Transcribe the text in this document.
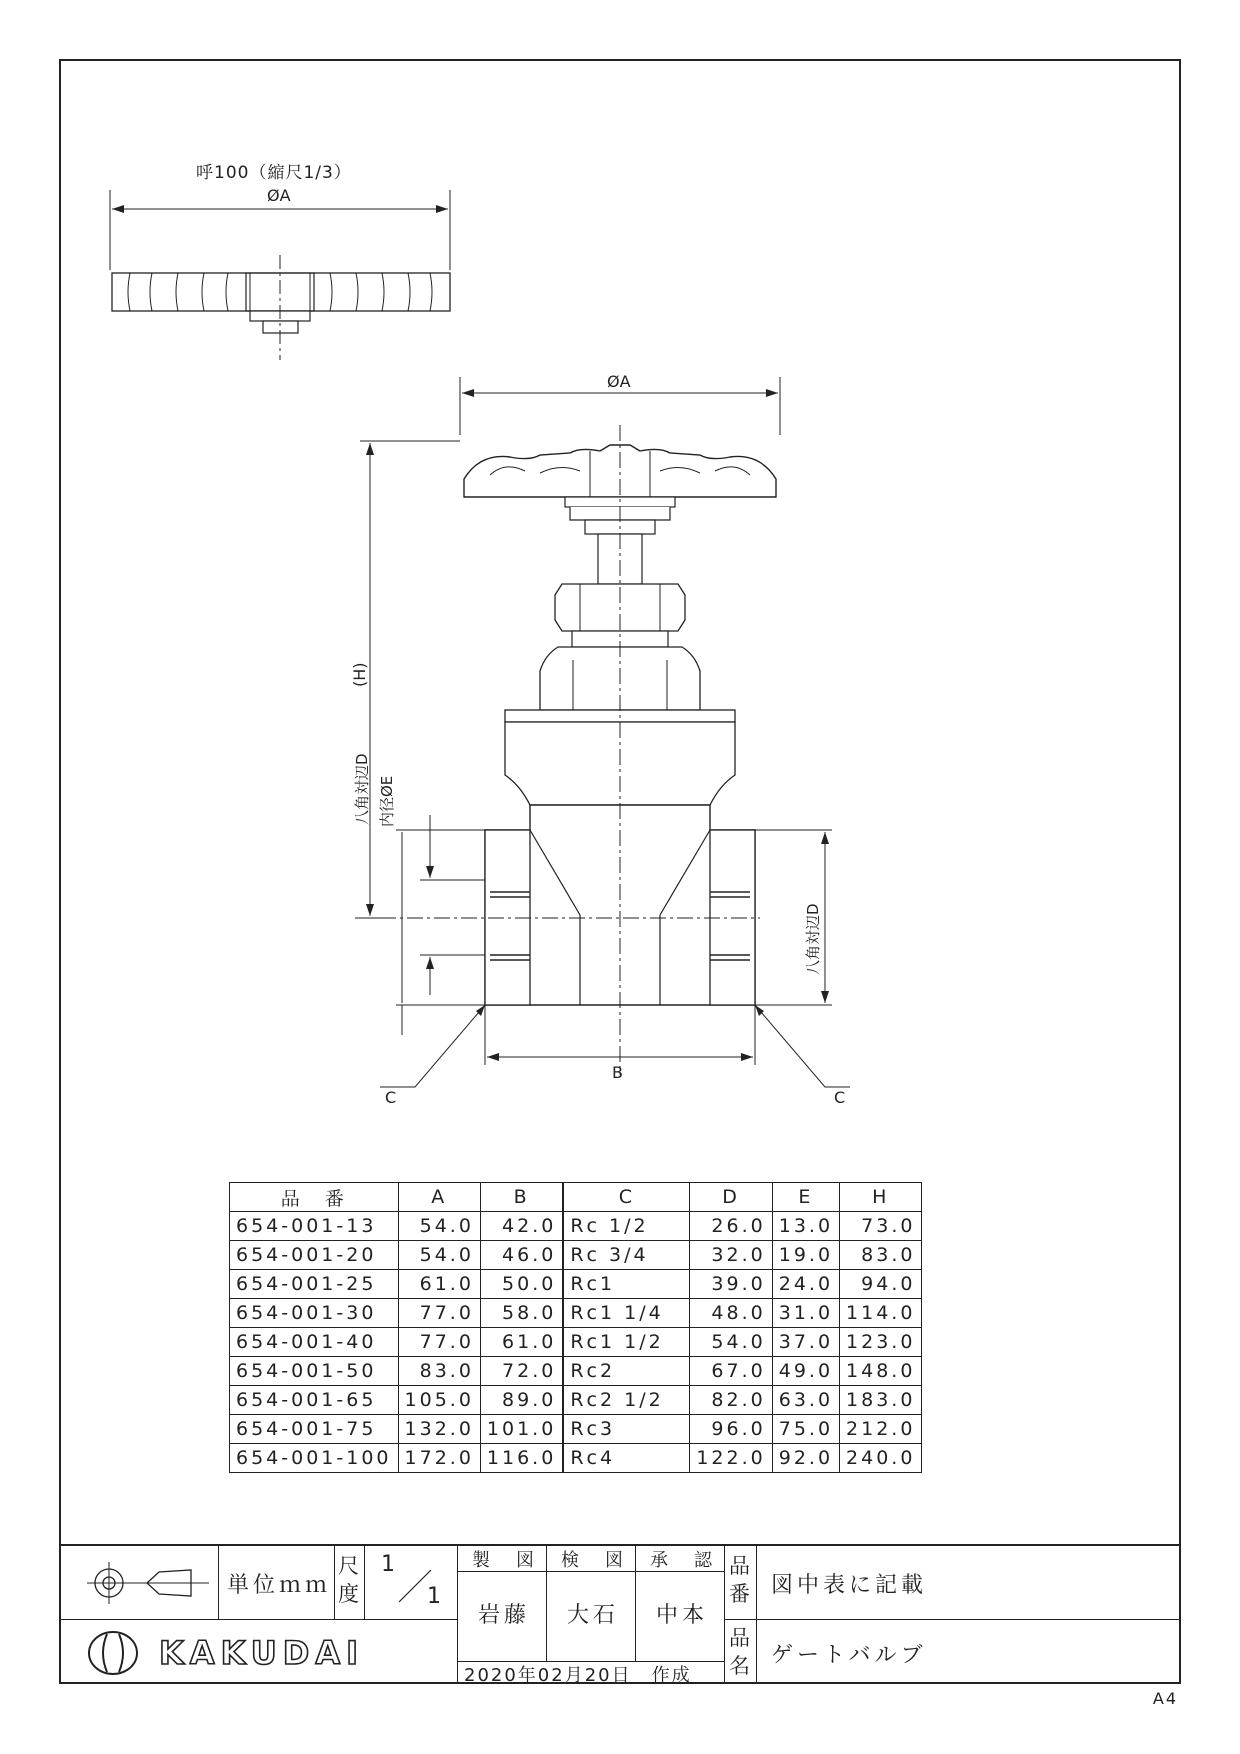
呼100（縮尺1/3）
ØA
ØA
(H)
八角対辺D 内径ØE
八角対辺D
B
C	C
品　番	A	B	C	D	E	H
654-001-13	54.0	42.0	Rc 1/2	26.0	13.0	73.0
654-001-20	54.0	46.0	Rc 3/4	32.0	19.0	83.0
654-001-25	61.0	50.0	Rc1	39.0	24.0	94.0
654-001-30	77.0	58.0	Rc1 1/4	48.0	31.0	114.0
654-001-40	77.0	61.0	Rc1 1/2	54.0	37.0	123.0
654-001-50	83.0	72.0	Rc2	67.0	49.0	148.0
654-001-65	105.0	89.0	Rc2 1/2	82.0	63.0	183.0
654-001-75	132.0	101.0	Rc3	96.0	75.0	212.0
654-001-100	172.0	116.0	Rc4	122.0	92.0	240.0
単位ｍｍ
尺度
1
1
KAKUDAI
製　図 検　図 承　認
岩藤 大石 中本
2020年02月20日　作成
品番 図中表に記載
品名 ゲートバルブ
A4
